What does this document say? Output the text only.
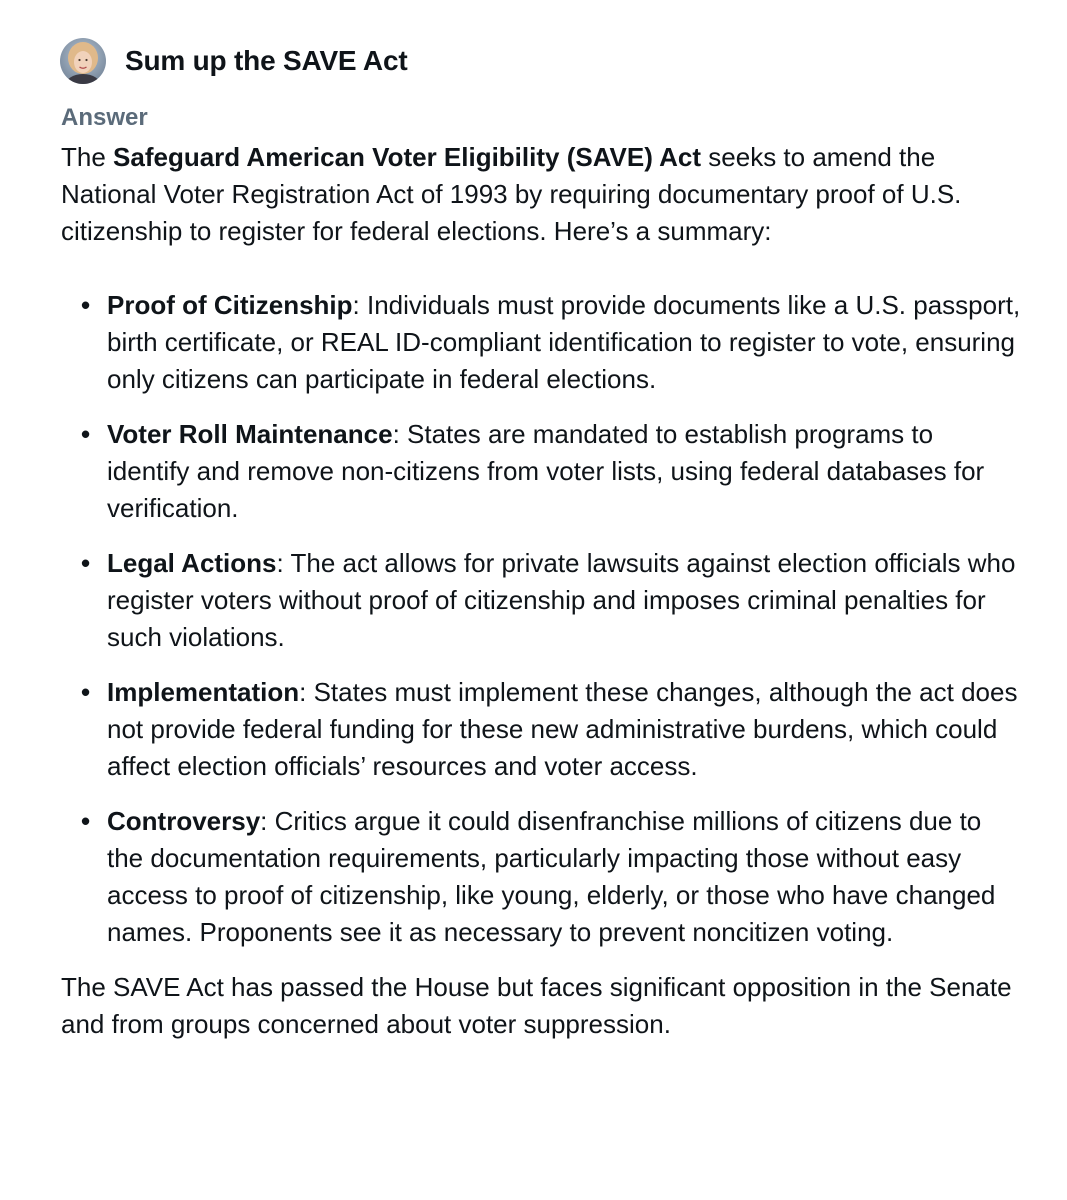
Sum up the SAVE Act
Answer

The Safeguard American Voter Eligibility (SAVE) Act seeks to amend the National Voter Registration Act of 1993 by requiring documentary proof of U.S. citizenship to register for federal elections. Here’s a summary:

• Proof of Citizenship: Individuals must provide documents like a U.S. passport, birth certificate, or REAL ID-compliant identification to register to vote, ensuring only citizens can participate in federal elections.
• Voter Roll Maintenance: States are mandated to establish programs to identify and remove non-citizens from voter lists, using federal databases for verification.
• Legal Actions: The act allows for private lawsuits against election officials who register voters without proof of citizenship and imposes criminal penalties for such violations.
• Implementation: States must implement these changes, although the act does not provide federal funding for these new administrative burdens, which could affect election officials’ resources and voter access.
• Controversy: Critics argue it could disenfranchise millions of citizens due to the documentation requirements, particularly impacting those without easy access to proof of citizenship, like young, elderly, or those who have changed names. Proponents see it as necessary to prevent noncitizen voting.

The SAVE Act has passed the House but faces significant opposition in the Senate and from groups concerned about voter suppression.
